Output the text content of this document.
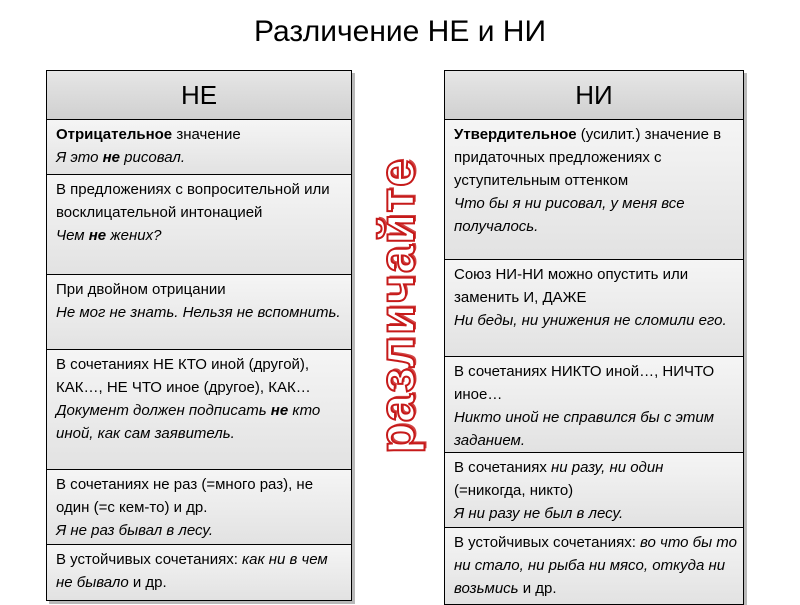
Различение НЕ и НИ
НЕ

Отрицательное значение

Я это не рисовал.

В предложениях с вопросительной или восклицательной интонацией

Чем не жених?

При двойном отрицании

Не мог не знать. Нельзя не вспомнить.

В сочетаниях НЕ КТО иной (другой), КАК…, НЕ ЧТО иное (другое), КАК…

Документ должен подписать не кто иной, как сам заявитель.

В сочетаниях не раз (=много раз), не один (=с кем-то) и др.

Я не раз бывал в лесу.

В устойчивых сочетаниях: как ни в чем не бывало и др.

различайте
НИ

Утвердительное (усилит.) значение в придаточных предложениях с уступительным оттенком

Что бы я ни рисовал, у меня все получалось.

Союз НИ-НИ можно опустить или заменить И, ДАЖЕ

Ни беды, ни унижения не сломили его.

В сочетаниях НИКТО иной…, НИЧТО иное…

Никто иной не справился бы с этим заданием.

В сочетаниях ни разу, ни один (=никогда, никто)

Я ни разу не был в лесу.

В устойчивых сочетаниях: во что бы то ни стало, ни рыба ни мясо, откуда ни возьмись и др.
